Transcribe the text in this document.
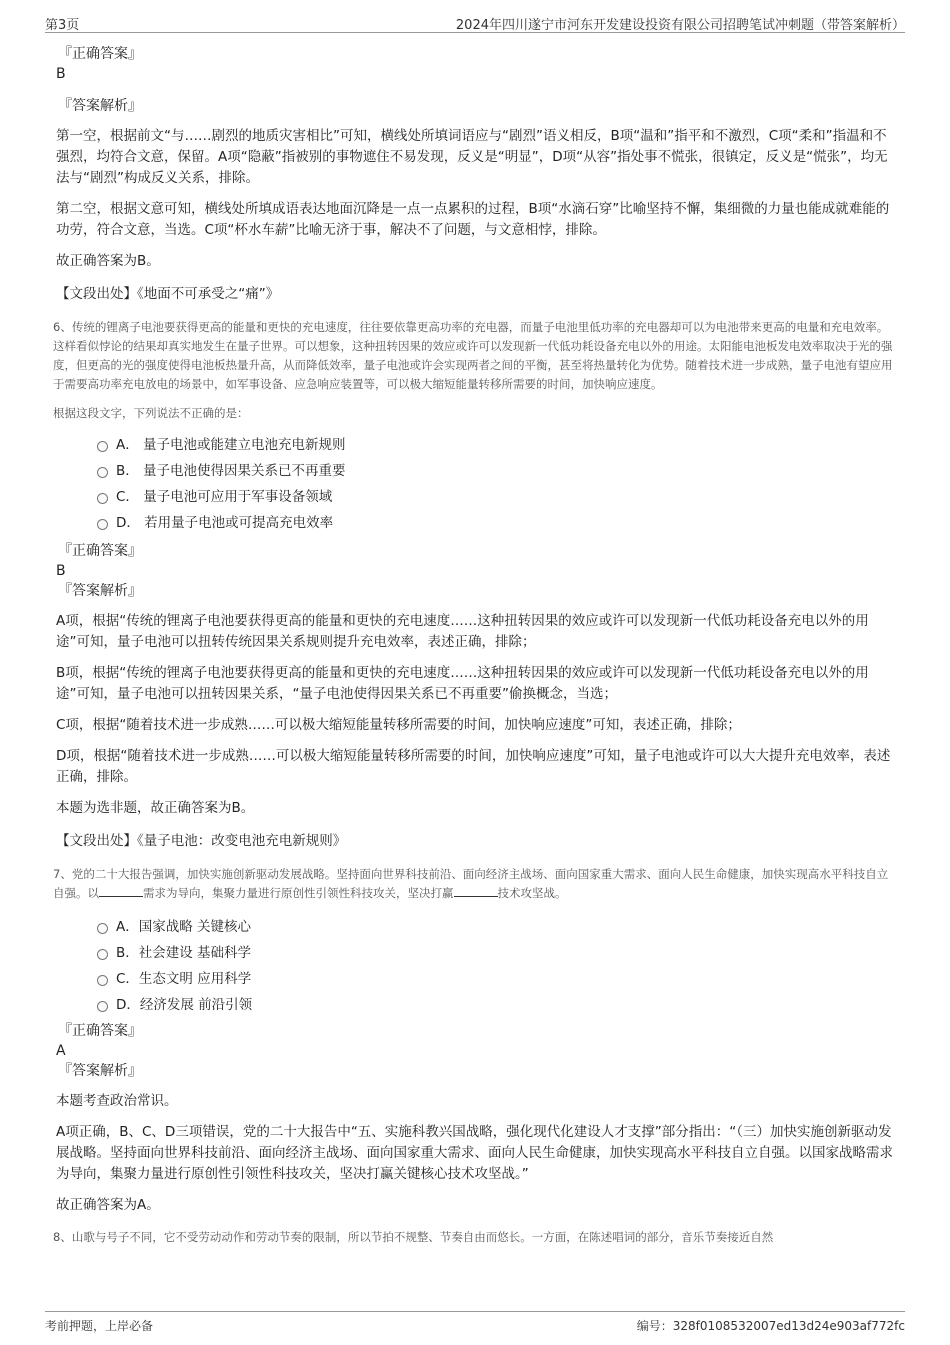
第3页	2024年四川遂宁市河东开发建设投资有限公司招聘笔试冲刺题（带答案解析）
『正确答案』
B
『答案解析』
第一空，根据前文“与……剧烈的地质灾害相比”可知，横线处所填词语应与“剧烈”语义相反，B项“温和”指平和不激烈，C项“柔和”指温和不强烈，均符合文意，保留。A项“隐蔽”指被别的事物遮住不易发现，反义是“明显”，D项“从容”指处事不慌张，很镇定，反义是“慌张”，均无法与“剧烈”构成反义关系，排除。
第二空，根据文意可知，横线处所填成语表达地面沉降是一点一点累积的过程，B项“水滴石穿”比喻坚持不懈，集细微的力量也能成就难能的功劳，符合文意，当选。C项“杯水车薪”比喻无济于事，解决不了问题，与文意相悖，排除。
故正确答案为B。
【文段出处】《地面不可承受之“痛”》
6、传统的锂离子电池要获得更高的能量和更快的充电速度，往往要依靠更高功率的充电器，而量子电池里低功率的充电器却可以为电池带来更高的电量和充电效率。这样看似悖论的结果却真实地发生在量子世界。可以想象，这种扭转因果的效应或许可以发现新一代低功耗设备充电以外的用途。太阳能电池板发电效率取决于光的强度，但更高的光的强度使得电池板热量升高，从而降低效率，量子电池或许会实现两者之间的平衡，甚至将热量转化为优势。随着技术进一步成熟，量子电池有望应用于需要高功率充电放电的场景中，如军事设备、应急响应装置等，可以极大缩短能量转移所需要的时间，加快响应速度。
根据这段文字，下列说法不正确的是：
A． 量子电池或能建立电池充电新规则
B． 量子电池使得因果关系已不再重要
C． 量子电池可应用于军事设备领域
D． 若用量子电池或可提高充电效率
『正确答案』
B
『答案解析』
A项，根据“传统的锂离子电池要获得更高的能量和更快的充电速度……这种扭转因果的效应或许可以发现新一代低功耗设备充电以外的用途”可知，量子电池可以扭转传统因果关系规则提升充电效率，表述正确，排除；
B项，根据“传统的锂离子电池要获得更高的能量和更快的充电速度……这种扭转因果的效应或许可以发现新一代低功耗设备充电以外的用途”可知，量子电池可以扭转因果关系，“量子电池使得因果关系已不再重要”偷换概念，当选；
C项，根据“随着技术进一步成熟……可以极大缩短能量转移所需要的时间，加快响应速度”可知，表述正确，排除；
D项，根据“随着技术进一步成熟……可以极大缩短能量转移所需要的时间，加快响应速度”可知，量子电池或许可以大大提升充电效率，表述正确，排除。
本题为选非题，故正确答案为B。
【文段出处】《量子电池：改变电池充电新规则》
7、党的二十大报告强调，加快实施创新驱动发展战略。坚持面向世界科技前沿、面向经济主战场、面向国家重大需求、面向人民生命健康，加快实现高水平科技自立自强。以	需求为导向，集聚力量进行原创性引领性科技攻关，坚决打赢	技术攻坚战。
A．国家战略 关键核心
B．社会建设 基础科学
C．生态文明 应用科学
D．经济发展 前沿引领
『正确答案』
A
『答案解析』
本题考查政治常识。
A项正确，B、C、D三项错误，党的二十大报告中“五、实施科教兴国战略，强化现代化建设人才支撑”部分指出：“（三）加快实施创新驱动发展战略。坚持面向世界科技前沿、面向经济主战场、面向国家重大需求、面向人民生命健康，加快实现高水平科技自立自强。以国家战略需求为导向，集聚力量进行原创性引领性科技攻关，坚决打赢关键核心技术攻坚战。”
故正确答案为A。
8、山歌与号子不同，它不受劳动动作和劳动节奏的限制，所以节拍不规整、节奏自由而悠长。一方面，在陈述唱词的部分，音乐节奏接近自然
考前押题，上岸必备	编号：328f0108532007ed13d24e903af772fc
